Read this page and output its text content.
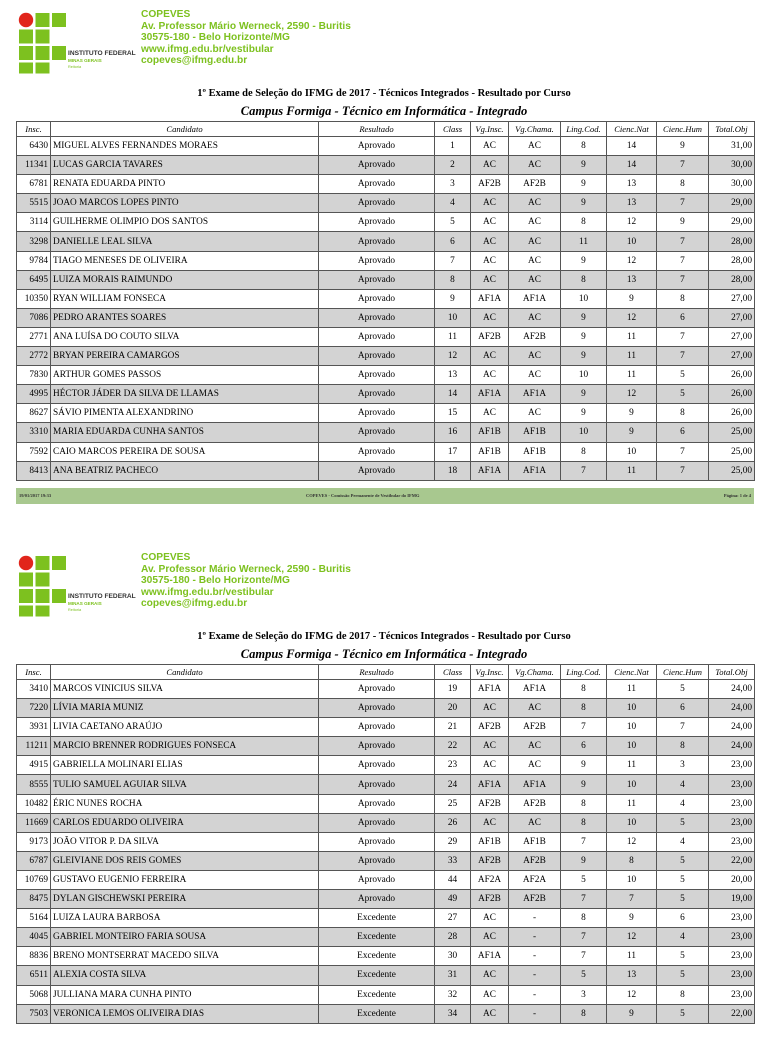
INSTITUTO FEDERAL
MINAS GERAIS
Reitoria
COPEVES
Av. Professor Mário Werneck, 2590 - Buritis
30575-180 - Belo Horizonte/MG
www.ifmg.edu.br/vestibular
copeves@ifmg.edu.br
1º Exame de Seleção do IFMG de 2017 - Técnicos Integrados - Resultado por Curso
Campus Formiga - Técnico em Informática - Integrado
Insc.	Candidato	Resultado	Class	Vg.Insc.	Vg.Chama.	Ling.Cod.	Cienc.Nat	Cienc.Hum	Total.Obj
6430	MIGUEL ALVES FERNANDES MORAES	Aprovado	1	AC	AC	8	14	9	31,00
11341	LUCAS GARCIA TAVARES	Aprovado	2	AC	AC	9	14	7	30,00
6781	RENATA EDUARDA PINTO	Aprovado	3	AF2B	AF2B	9	13	8	30,00
5515	JOAO MARCOS LOPES PINTO	Aprovado	4	AC	AC	9	13	7	29,00
3114	GUILHERME OLIMPIO DOS SANTOS	Aprovado	5	AC	AC	8	12	9	29,00
3298	DANIELLE LEAL SILVA	Aprovado	6	AC	AC	11	10	7	28,00
9784	TIAGO MENESES DE OLIVEIRA	Aprovado	7	AC	AC	9	12	7	28,00
6495	LUIZA MORAIS RAIMUNDO	Aprovado	8	AC	AC	8	13	7	28,00
10350	RYAN WILLIAM FONSECA	Aprovado	9	AF1A	AF1A	10	9	8	27,00
7086	PEDRO ARANTES SOARES	Aprovado	10	AC	AC	9	12	6	27,00
2771	ANA LUÍSA DO COUTO SILVA	Aprovado	11	AF2B	AF2B	9	11	7	27,00
2772	BRYAN PEREIRA CAMARGOS	Aprovado	12	AC	AC	9	11	7	27,00
7830	ARTHUR GOMES PASSOS	Aprovado	13	AC	AC	10	11	5	26,00
4995	HÉCTOR JÁDER DA SILVA DE LLAMAS	Aprovado	14	AF1A	AF1A	9	12	5	26,00
8627	SÁVIO PIMENTA ALEXANDRINO	Aprovado	15	AC	AC	9	9	8	26,00
3310	MARIA EDUARDA CUNHA SANTOS	Aprovado	16	AF1B	AF1B	10	9	6	25,00
7592	CAIO MARCOS PEREIRA DE SOUSA	Aprovado	17	AF1B	AF1B	8	10	7	25,00
8413	ANA BEATRIZ PACHECO	Aprovado	18	AF1A	AF1A	7	11	7	25,00
19/01/2017 19:33	COPEVES - Comissão Permanente de Vestibular do IFMG	Página: 1 de 4
INSTITUTO FEDERAL
MINAS GERAIS
Reitoria
COPEVES
Av. Professor Mário Werneck, 2590 - Buritis
30575-180 - Belo Horizonte/MG
www.ifmg.edu.br/vestibular
copeves@ifmg.edu.br
1º Exame de Seleção do IFMG de 2017 - Técnicos Integrados - Resultado por Curso
Campus Formiga - Técnico em Informática - Integrado
Insc.	Candidato	Resultado	Class	Vg.Insc.	Vg.Chama.	Ling.Cod.	Cienc.Nat	Cienc.Hum	Total.Obj
3410	MARCOS VINICIUS SILVA	Aprovado	19	AF1A	AF1A	8	11	5	24,00
7220	LÍVIA MARIA MUNIZ	Aprovado	20	AC	AC	8	10	6	24,00
3931	LIVIA CAETANO ARAÚJO	Aprovado	21	AF2B	AF2B	7	10	7	24,00
11211	MARCIO BRENNER RODRIGUES FONSECA	Aprovado	22	AC	AC	6	10	8	24,00
4915	GABRIELLA MOLINARI ELIAS	Aprovado	23	AC	AC	9	11	3	23,00
8555	TULIO SAMUEL AGUIAR SILVA	Aprovado	24	AF1A	AF1A	9	10	4	23,00
10482	ÉRIC NUNES ROCHA	Aprovado	25	AF2B	AF2B	8	11	4	23,00
11669	CARLOS EDUARDO OLIVEIRA	Aprovado	26	AC	AC	8	10	5	23,00
9173	JOÃO VITOR P. DA SILVA	Aprovado	29	AF1B	AF1B	7	12	4	23,00
6787	GLEIVIANE DOS REIS GOMES	Aprovado	33	AF2B	AF2B	9	8	5	22,00
10769	GUSTAVO EUGENIO FERREIRA	Aprovado	44	AF2A	AF2A	5	10	5	20,00
8475	DYLAN GISCHEWSKI PEREIRA	Aprovado	49	AF2B	AF2B	7	7	5	19,00
5164	LUIZA LAURA BARBOSA	Excedente	27	AC	-	8	9	6	23,00
4045	GABRIEL MONTEIRO FARIA SOUSA	Excedente	28	AC	-	7	12	4	23,00
8836	BRENO MONTSERRAT MACEDO SILVA	Excedente	30	AF1A	-	7	11	5	23,00
6511	ALEXIA COSTA SILVA	Excedente	31	AC	-	5	13	5	23,00
5068	JULLIANA MARA CUNHA PINTO	Excedente	32	AC	-	3	12	8	23,00
7503	VERONICA LEMOS OLIVEIRA DIAS	Excedente	34	AC	-	8	9	5	22,00
